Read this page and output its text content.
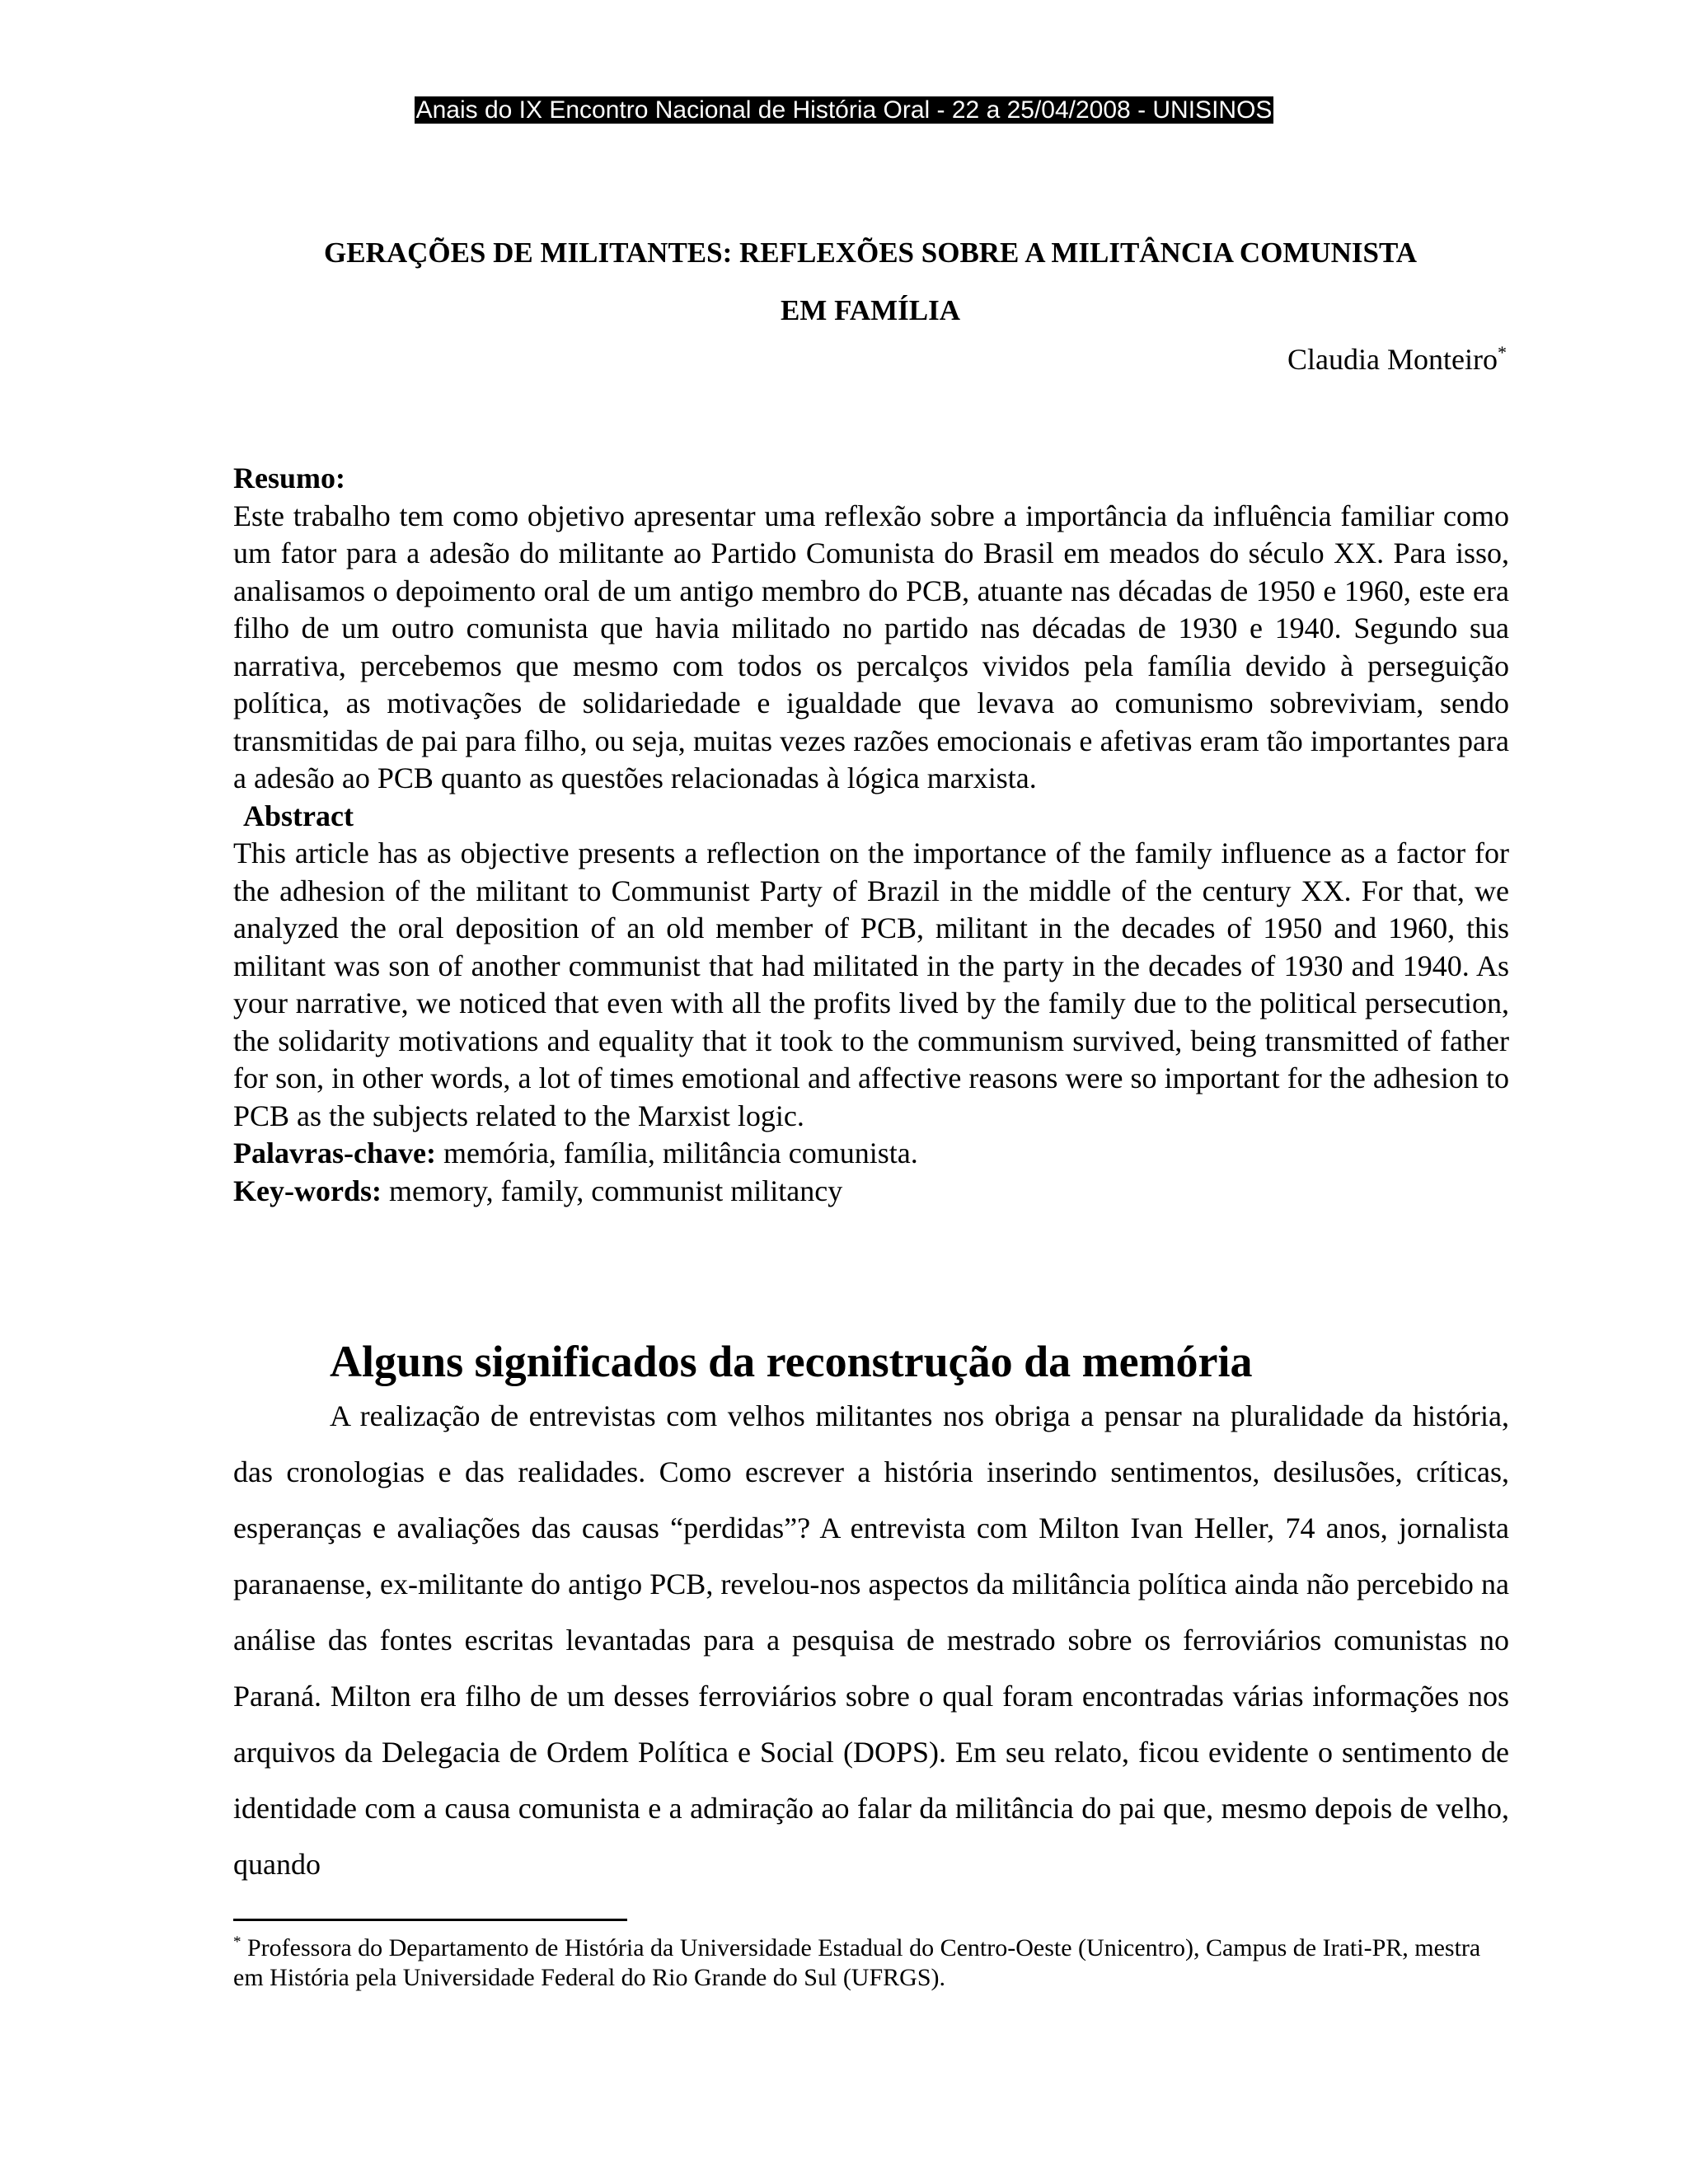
Anais do IX Encontro Nacional de História Oral - 22 a 25/04/2008 - UNISINOS
GERAÇÕES DE MILITANTES: REFLEXÕES SOBRE A MILITÂNCIA COMUNISTA
EM FAMÍLIA
Claudia Monteiro*
Resumo:

Este trabalho tem como objetivo apresentar uma reflexão sobre a importância da influência familiar como um fator para a adesão do militante ao Partido Comunista do Brasil em meados do século XX. Para isso, analisamos o depoimento oral de um antigo membro do PCB, atuante nas décadas de 1950 e 1960, este era filho de um outro comunista que havia militado no partido nas décadas de 1930 e 1940. Segundo sua narrativa, percebemos que mesmo com todos os percalços vividos pela família devido à perseguição política, as motivações de solidariedade e igualdade que levava ao comunismo sobreviviam, sendo transmitidas de pai para filho, ou seja, muitas vezes razões emocionais e afetivas eram tão importantes para a adesão ao PCB quanto as questões relacionadas à lógica marxista.

Abstract

This article has as objective presents a reflection on the importance of the family influence as a factor for the adhesion of the militant to Communist Party of Brazil in the middle of the century XX. For that, we analyzed the oral deposition of an old member of PCB, militant in the decades of 1950 and 1960, this militant was son of another communist that had militated in the party in the decades of 1930 and 1940. As your narrative, we noticed that even with all the profits lived by the family due to the political persecution, the solidarity motivations and equality that it took to the communism survived, being transmitted of father for son, in other words, a lot of times emotional and affective reasons were so important for the adhesion to PCB as the subjects related to the Marxist logic.

Palavras-chave: memória, família, militância comunista.
Key-words: memory, family, communist militancy
Alguns significados da reconstrução da memória

A realização de entrevistas com velhos militantes nos obriga a pensar na pluralidade da história, das cronologias e das realidades. Como escrever a história inserindo sentimentos, desilusões, críticas, esperanças e avaliações das causas “perdidas”? A entrevista com Milton Ivan Heller, 74 anos, jornalista paranaense, ex-militante do antigo PCB, revelou-nos aspectos da militância política ainda não percebido na análise das fontes escritas levantadas para a pesquisa de mestrado sobre os ferroviários comunistas no Paraná. Milton era filho de um desses ferroviários sobre o qual foram encontradas várias informações nos arquivos da Delegacia de Ordem Política e Social (DOPS). Em seu relato, ficou evidente o sentimento de identidade com a causa comunista e a admiração ao falar da militância do pai que, mesmo depois de velho, quando

* Professora do Departamento de História da Universidade Estadual do Centro-Oeste (Unicentro), Campus de Irati-PR, mestra em História pela Universidade Federal do Rio Grande do Sul (UFRGS).
